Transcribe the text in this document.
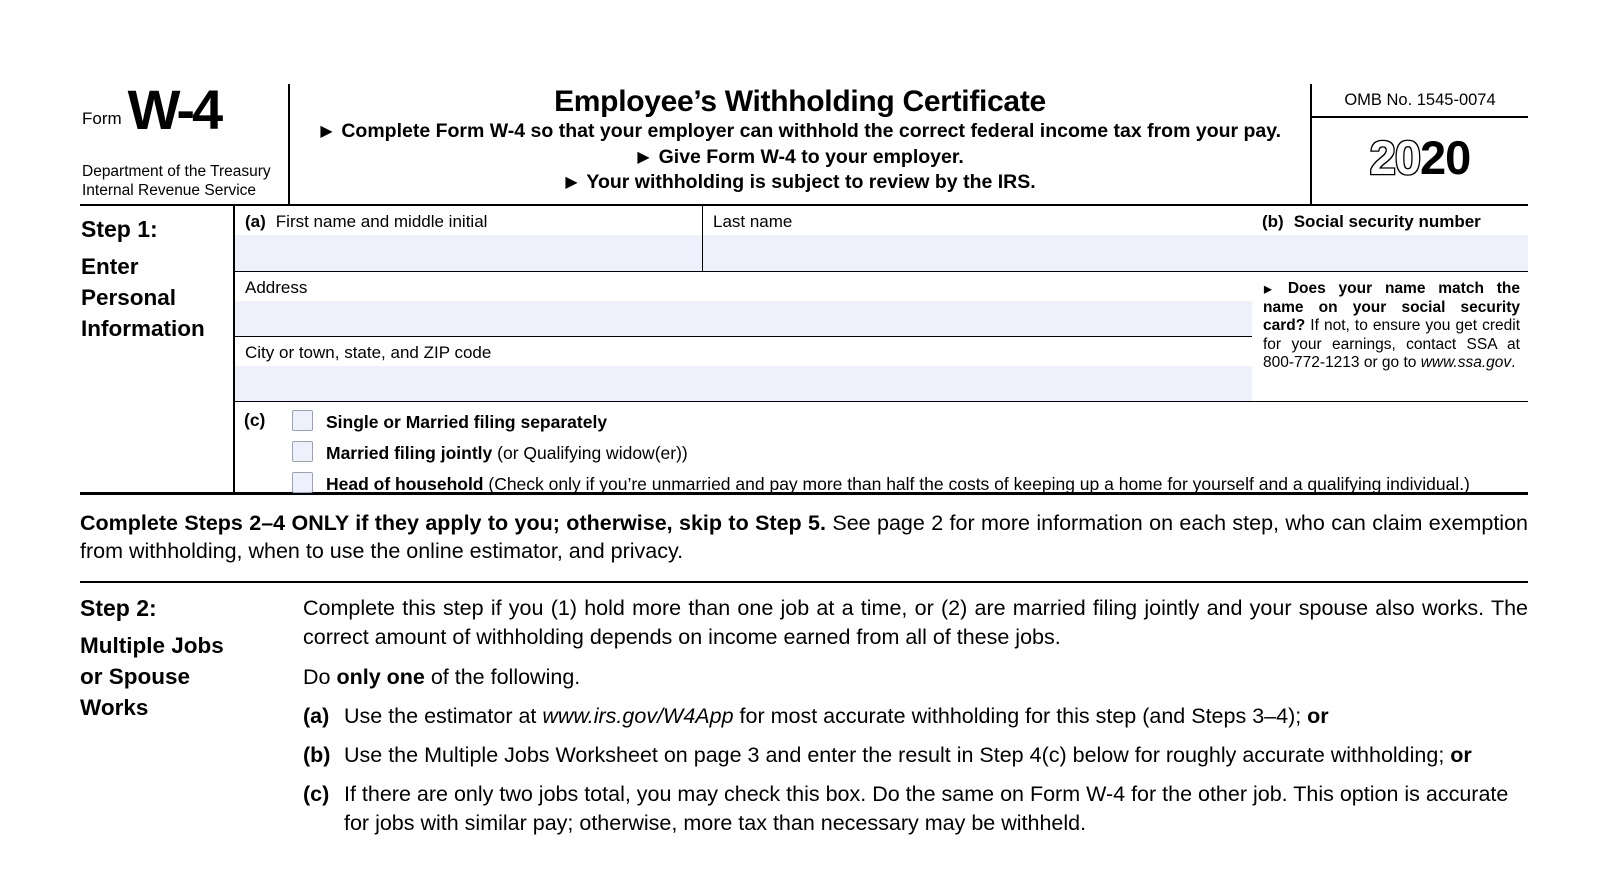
Form W-4
Department of the Treasury
Internal Revenue Service
Employee’s Withholding Certificate
▶ Complete Form W-4 so that your employer can withhold the correct federal income tax from your pay.
▶ Give Form W-4 to your employer.
▶ Your withholding is subject to review by the IRS.
OMB No. 1545-0074
2020
Step 1:
Enter
Personal
Information
(a) First name and middle initial	Last name
Address
City or town, state, and ZIP code
(b) Social security number
▶ Does your name match the name on your social security card? If not, to ensure you get credit for your earnings, contact SSA at 800-772-1213 or go to www.ssa.gov.
(c)	Single or Married filing separately
Married filing jointly (or Qualifying widow(er))
Head of household (Check only if you’re unmarried and pay more than half the costs of keeping up a home for yourself and a qualifying individual.)
Complete Steps 2–4 ONLY if they apply to you; otherwise, skip to Step 5. See page 2 for more information on each step, who can claim exemption from withholding, when to use the online estimator, and privacy.
Step 2:
Multiple Jobs
or Spouse
Works
Complete this step if you (1) hold more than one job at a time, or (2) are married filing jointly and your spouse also works. The correct amount of withholding depends on income earned from all of these jobs.
Do only one of the following.
(a) Use the estimator at www.irs.gov/W4App for most accurate withholding for this step (and Steps 3–4); or
(b) Use the Multiple Jobs Worksheet on page 3 and enter the result in Step 4(c) below for roughly accurate withholding; or
(c) If there are only two jobs total, you may check this box. Do the same on Form W-4 for the other job. This option is accurate for jobs with similar pay; otherwise, more tax than necessary may be withheld.
